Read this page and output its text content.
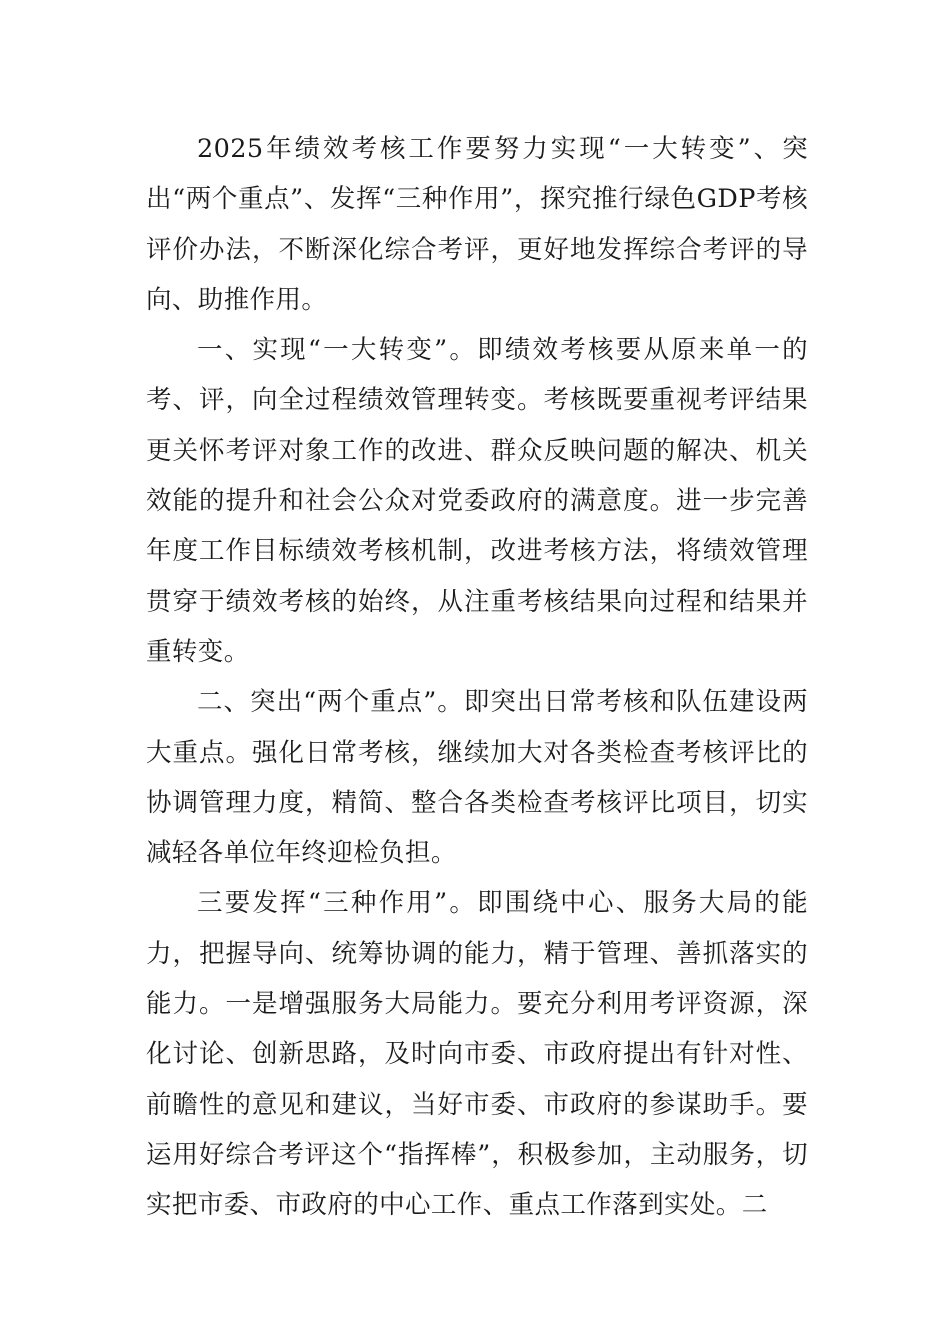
2025年绩效考核工作要努力实现“一大转变”、突出“两个重点”、发挥“三种作用”，探究推行绿色GDP考核评价办法，不断深化综合考评，更好地发挥综合考评的导向、助推作用。

一、实现“一大转变”。即绩效考核要从原来单一的考、评，向全过程绩效管理转变。考核既要重视考评结果更关怀考评对象工作的改进、群众反映问题的解决、机关效能的提升和社会公众对党委政府的满意度。进一步完善年度工作目标绩效考核机制，改进考核方法，将绩效管理贯穿于绩效考核的始终，从注重考核结果向过程和结果并重转变。

二、突出“两个重点”。即突出日常考核和队伍建设两大重点。强化日常考核，继续加大对各类检查考核评比的协调管理力度，精简、整合各类检查考核评比项目，切实减轻各单位年终迎检负担。

三要发挥“三种作用”。即围绕中心、服务大局的能力，把握导向、统筹协调的能力，精于管理、善抓落实的能力。一是增强服务大局能力。要充分利用考评资源，深化讨论、创新思路，及时向市委、市政府提出有针对性、前瞻性的意见和建议，当好市委、市政府的参谋助手。要运用好综合考评这个“指挥棒”，积极参加，主动服务，切实把市委、市政府的中心工作、重点工作落到实处。二
